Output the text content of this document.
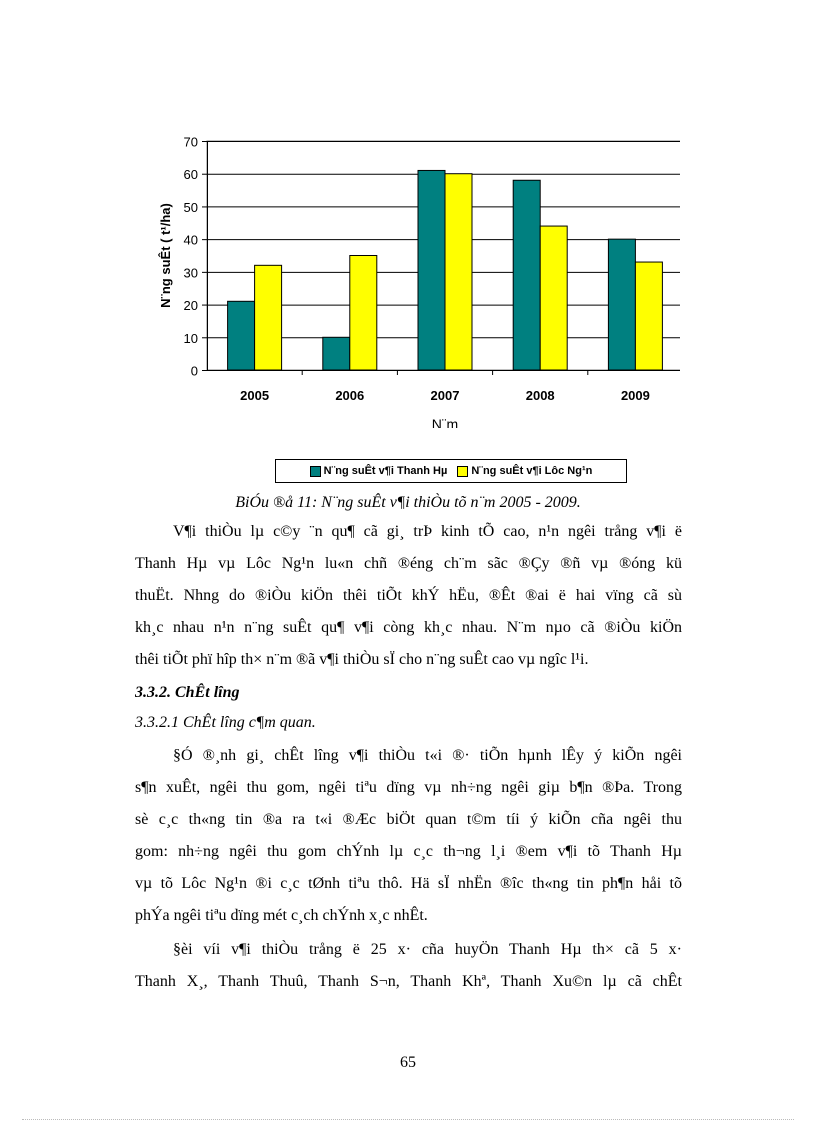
0
10
20
30
40
50
60
70
2005	2006	2007	2008	2009
N¨m
N¨ng suÊt ( t¹/ha)
N¨ng suÊt v¶i Thanh Hµ N¨ng suÊt v¶i Lôc Ng¹n
BiÓu ®å 11: N¨ng suÊt v¶i thiÒu tõ n¨m 2005 - 2009.
V¶i thiÒu lµ c©y ¨n qu¶ cã gi¸ trÞ kinh tÕ cao, n¹n ngêi trång v¶i ë
Thanh Hµ vµ Lôc Ng¹n lu«n chñ ®éng ch¨m sãc ®Çy ®ñ vµ ®óng kü
thuËt. Nhng do ®iÒu kiÖn thêi tiÕt khÝ hËu, ®Êt ®ai ë hai vïng cã sù
kh¸c nhau n¹n n¨ng suÊt qu¶ v¶i còng kh¸c nhau. N¨m nµo cã ®iÒu kiÖn
thêi tiÕt phï hîp th× n¨m ®ã v¶i thiÒu sÏ cho n¨ng suÊt cao vµ ngîc l¹i.
3.3.2. ChÊt lîng
3.3.2.1 ChÊt lîng c¶m quan.
§Ó ®¸nh gi¸ chÊt lîng v¶i thiÒu t«i ®· tiÕn hµnh lÊy ý kiÕn ngêi
s¶n xuÊt, ngêi thu gom, ngêi tiªu dïng vµ nh÷ng ngêi giµ b¶n ®Þa. Trong
sè c¸c th«ng tin ®a ra t«i ®Æc biÖt quan t©m tíi ý kiÕn cña ngêi thu
gom: nh÷ng ngêi thu gom chÝnh lµ c¸c th¬ng l¸i ®em v¶i tõ Thanh Hµ
vµ tõ Lôc Ng¹n ®i c¸c tØnh tiªu thô. Hä sÏ nhËn ®îc th«ng tin ph¶n håi tõ
phÝa ngêi tiªu dïng mét c¸ch chÝnh x¸c nhÊt.
§èi víi v¶i thiÒu trång ë 25 x· cña huyÖn Thanh Hµ th× cã 5 x·
Thanh X¸, Thanh Thuû, Thanh S¬n, Thanh Khª, Thanh Xu©n lµ cã chÊt
65
